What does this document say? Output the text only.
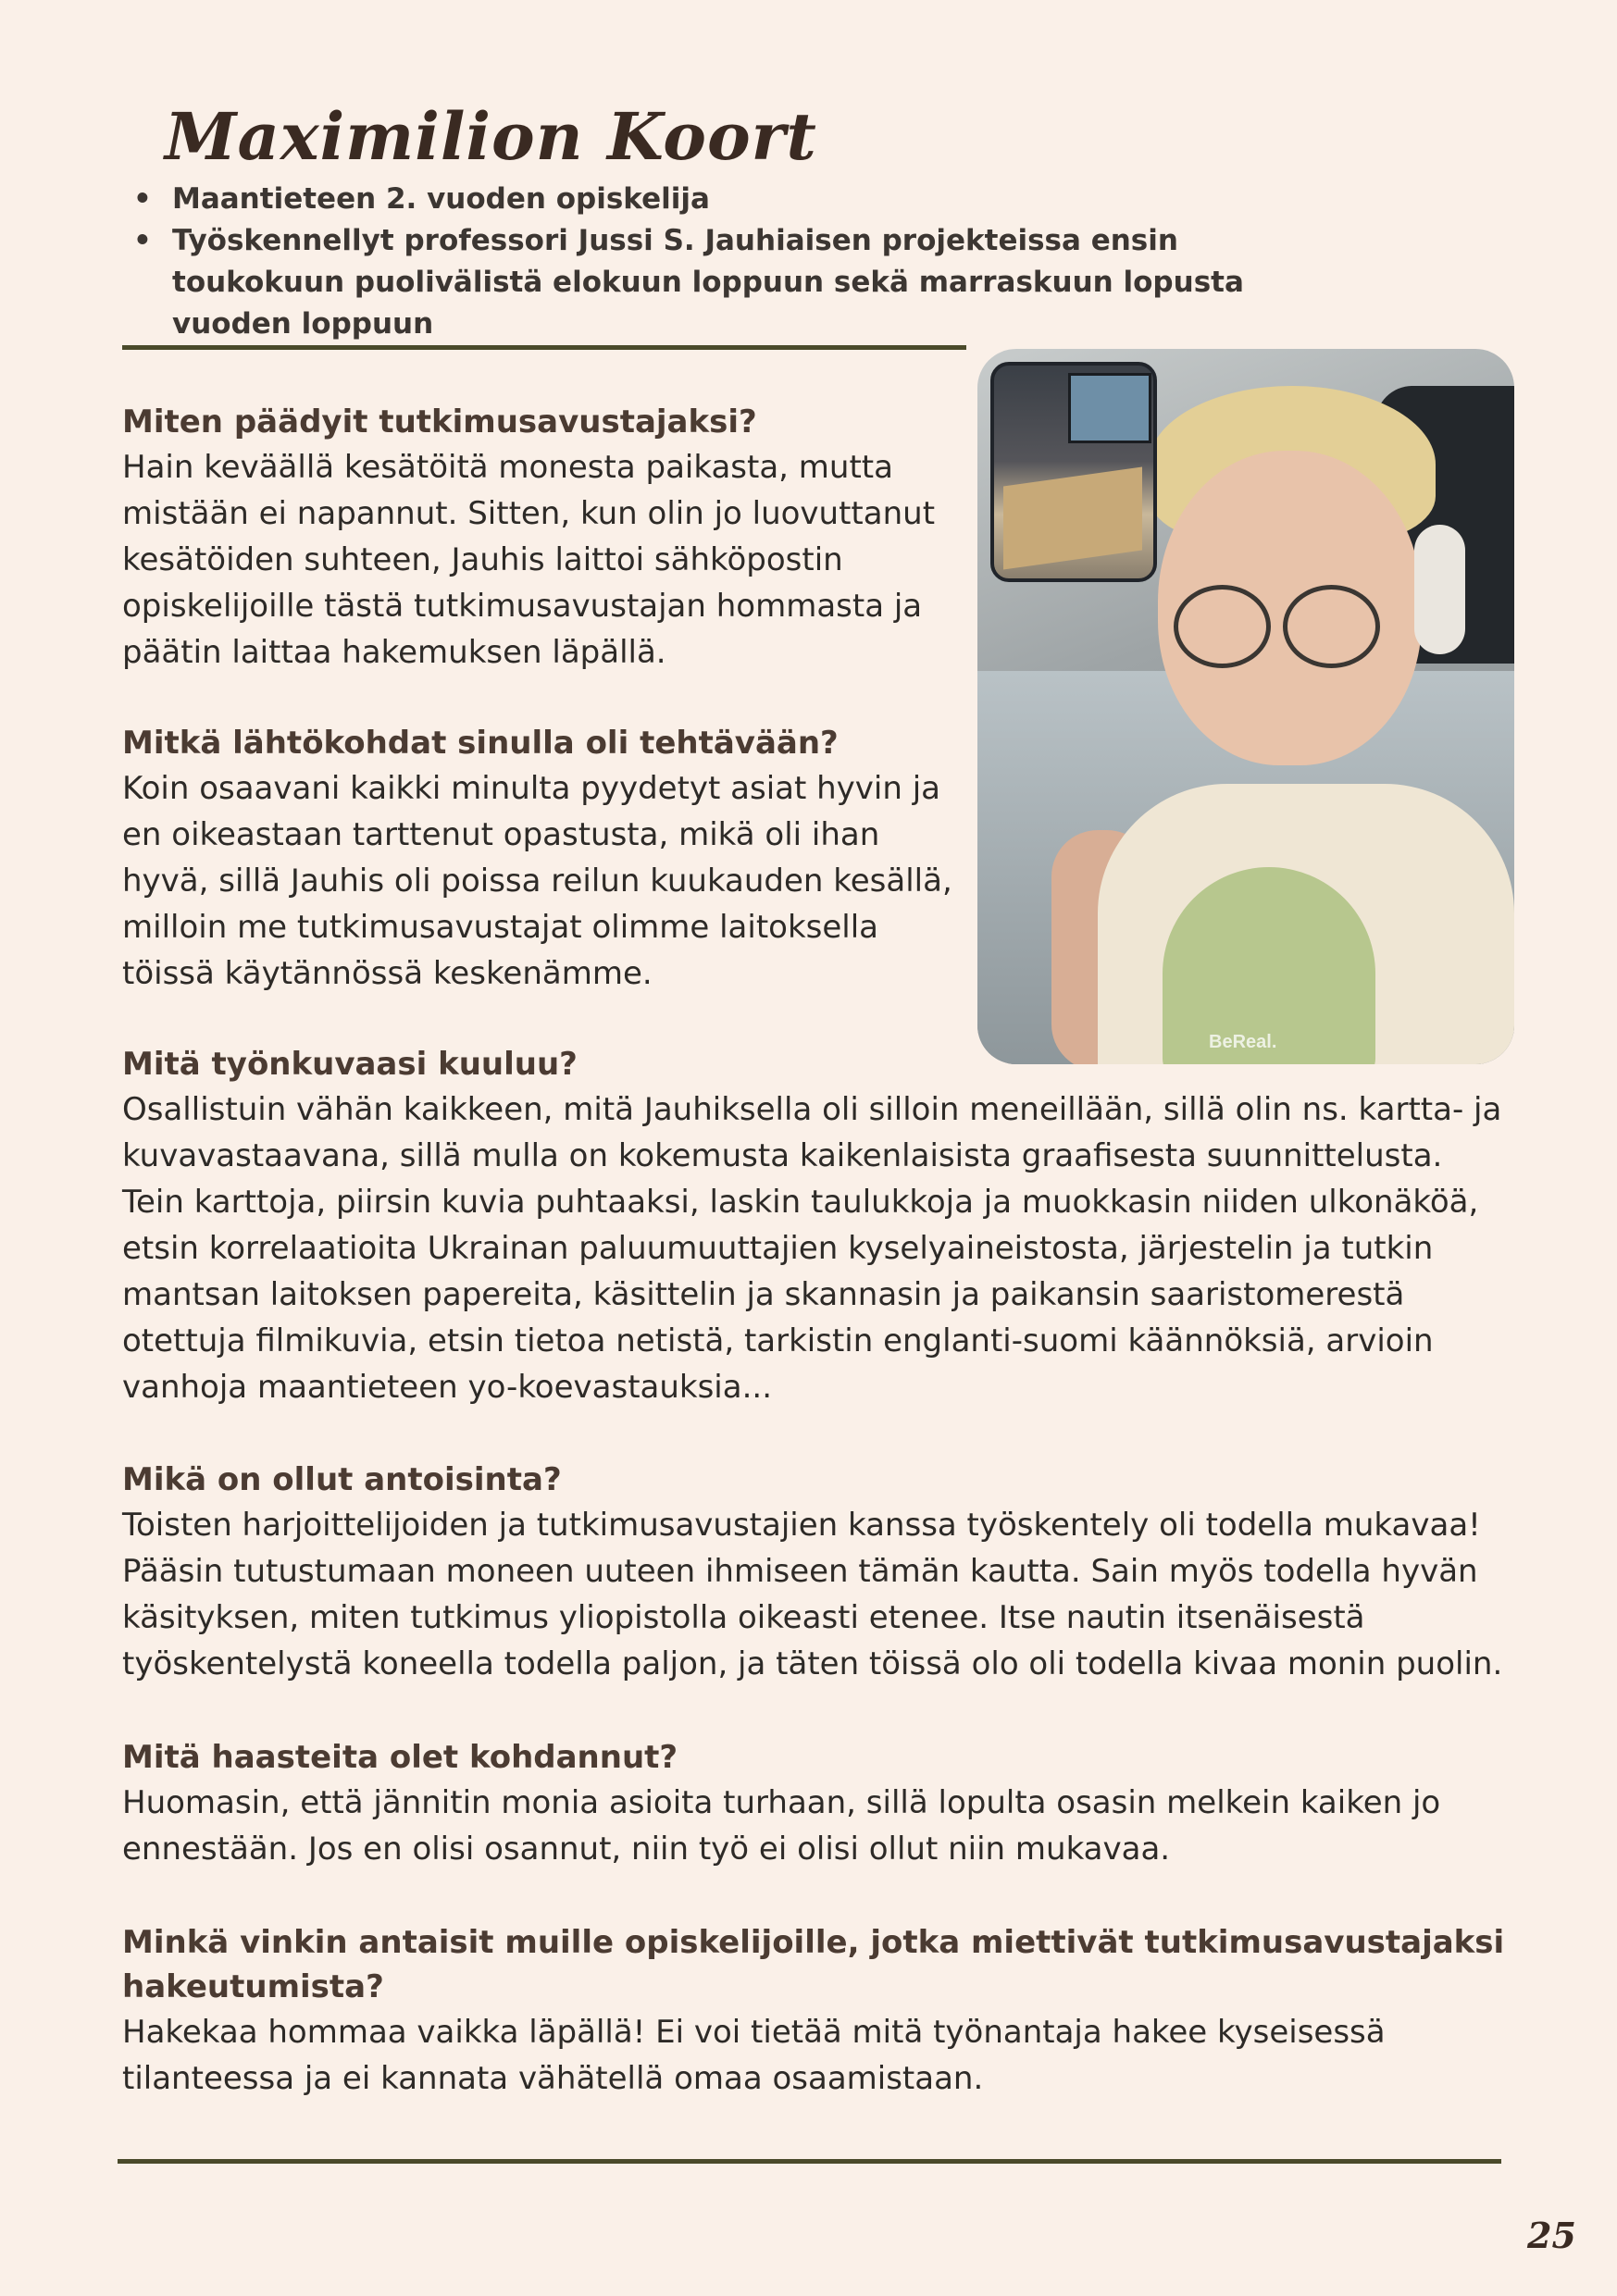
Maximilion Koort
• Maantieteen 2. vuoden opiskelija
• Työskennellyt professori Jussi S. Jauhiaisen projekteissa ensin toukokuun puolivälistä elokuun loppuun sekä marraskuun lopusta vuoden loppuun
BeReal.

Miten päädyit tutkimusavustajaksi?

Hain keväällä kesätöitä monesta paikasta, mutta mistään ei napannut. Sitten, kun olin jo luovuttanut kesätöiden suhteen, Jauhis laittoi sähköpostin opiskelijoille tästä tutkimusavustajan hommasta ja päätin laittaa hakemuksen läpällä.

Mitkä lähtökohdat sinulla oli tehtävään?

Koin osaavani kaikki minulta pyydetyt asiat hyvin ja en oikeastaan tarttenut opastusta, mikä oli ihan hyvä, sillä Jauhis oli poissa reilun kuukauden kesällä, milloin me tutkimusavustajat olimme laitoksella töissä käytännössä keskenämme.

Mitä työnkuvaasi kuuluu?

Osallistuin vähän kaikkeen, mitä Jauhiksella oli silloin meneillään, sillä olin ns. kartta- ja kuvavastaavana, sillä mulla on kokemusta kaikenlaisista graafisesta suunnittelusta. Tein karttoja, piirsin kuvia puhtaaksi, laskin taulukkoja ja muokkasin niiden ulkonäköä, etsin korrelaatioita Ukrainan paluumuuttajien kyselyaineistosta, järjestelin ja tutkin mantsan laitoksen papereita, käsittelin ja skannasin ja paikansin saaristomerestä otettuja filmikuvia, etsin tietoa netistä, tarkistin englanti-suomi käännöksiä, arvioin vanhoja maantieteen yo-koevastauksia...

Mikä on ollut antoisinta?

Toisten harjoittelijoiden ja tutkimusavustajien kanssa työskentely oli todella mukavaa! Pääsin tutustumaan moneen uuteen ihmiseen tämän kautta. Sain myös todella hyvän käsityksen, miten tutkimus yliopistolla oikeasti etenee. Itse nautin itsenäisestä työskentelystä koneella todella paljon, ja täten töissä olo oli todella kivaa monin puolin.

Mitä haasteita olet kohdannut?

Huomasin, että jännitin monia asioita turhaan, sillä lopulta osasin melkein kaiken jo ennestään. Jos en olisi osannut, niin työ ei olisi ollut niin mukavaa.

Minkä vinkin antaisit muille opiskelijoille, jotka miettivät tutkimusavustajaksi hakeutumista?

Hakekaa hommaa vaikka läpällä! Ei voi tietää mitä työnantaja hakee kyseisessä tilanteessa ja ei kannata vähätellä omaa osaamistaan.

25
